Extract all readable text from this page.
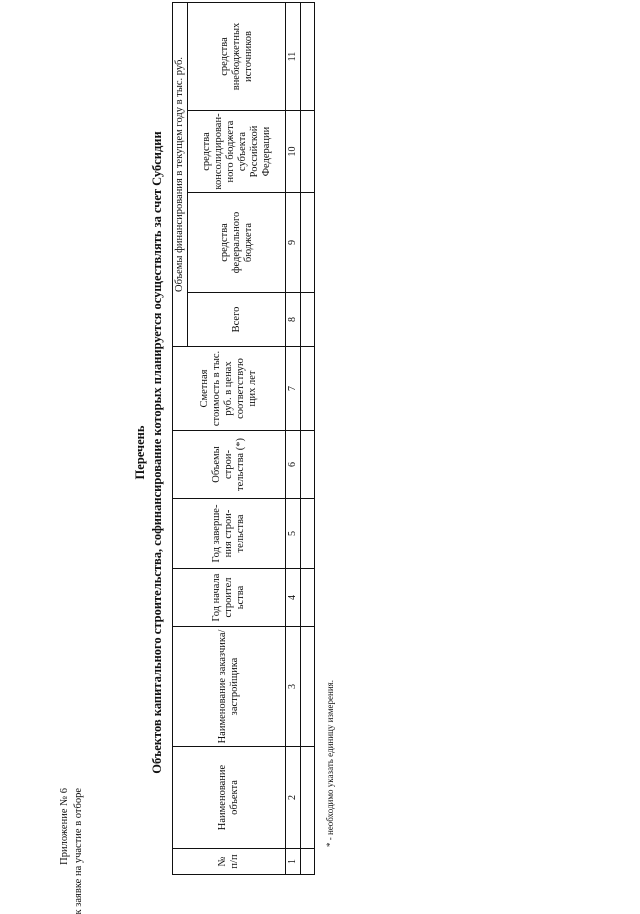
Приложение № 6 к заявке на участие в отборе
Перечень Объектов капитального строительства, софинансирование которых планируется осуществлять за счет Субсидии
№ п/п	Наименование объекта	Наименование заказчика/ застройщика	Год начала строител ьства	Год заверше- ния строи- тельства	Объемы строи- тельства (*)	Сметная стоимость в тыс. руб. в ценах соответствую щих лет	Объемы финансирования в текущем году в тыс. руб.			
							Всего	средства федерального бюджета	средства консолидирован- ного бюджета субъекта Российской Федерации	средства внебюджетных источников
1	2	3	4	5	6	7	8	9	10	11

* - необходимо указать единицу измерения.
